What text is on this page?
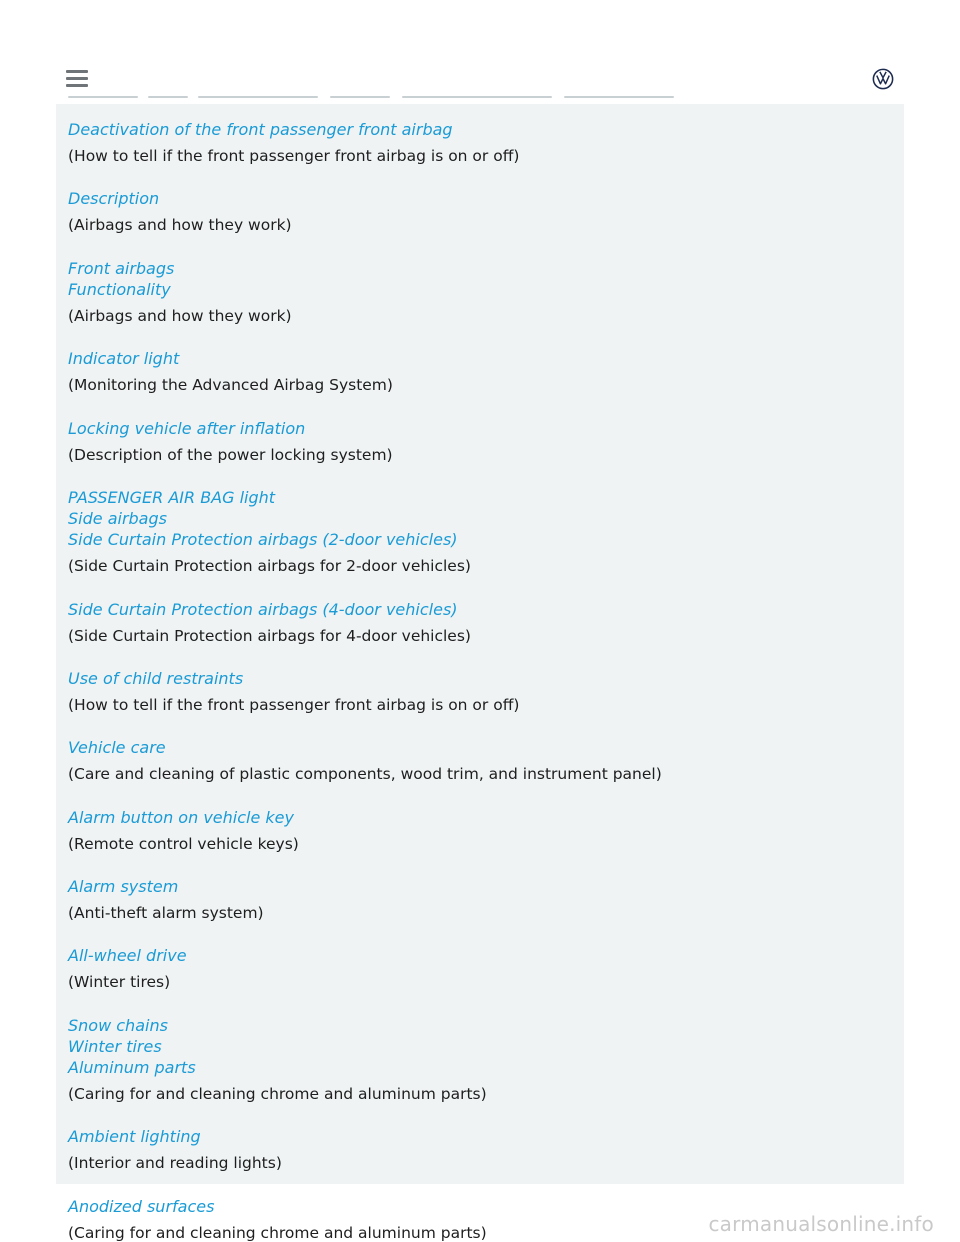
Deactivation of the front passenger front airbag
(How to tell if the front passenger front airbag is on or off)
Description
(Airbags and how they work)
Front airbags
Functionality
(Airbags and how they work)
Indicator light
(Monitoring the Advanced Airbag System)
Locking vehicle after inflation
(Description of the power locking system)
PASSENGER AIR BAG light
Side airbags
Side Curtain Protection airbags (2-door vehicles)
(Side Curtain Protection airbags for 2-door vehicles)
Side Curtain Protection airbags (4-door vehicles)
(Side Curtain Protection airbags for 4-door vehicles)
Use of child restraints
(How to tell if the front passenger front airbag is on or off)
Vehicle care
(Care and cleaning of plastic components, wood trim, and instrument panel)
Alarm button on vehicle key
(Remote control vehicle keys)
Alarm system
(Anti-theft alarm system)
All-wheel drive
(Winter tires)
Snow chains
Winter tires
Aluminum parts
(Caring for and cleaning chrome and aluminum parts)
Ambient lighting
(Interior and reading lights)
Anodized surfaces
(Caring for and cleaning chrome and aluminum parts)	carmanualsonline.info
